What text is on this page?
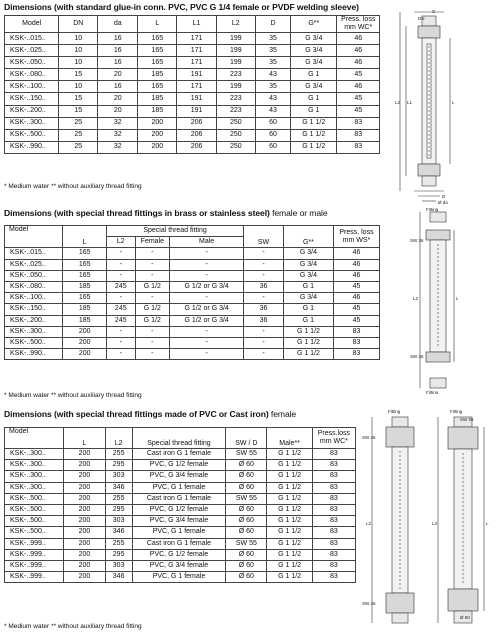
Dimensions (with standard glue-in conn. PVC, PVC G 1/4 female or PVDF welding sleeve)
Model	DN	da	L	L1	L2	D	G**	Press. loss mm WC*
KSK-..015..	10	16	165	171	199	35	G 3/4	46
KSK-..025..	10	16	165	171	199	35	G 3/4	46
KSK-..050..	10	16	165	171	199	35	G 3/4	46
KSK-..080..	15	20	185	191	223	43	G 1	45
KSK-..100..	10	16	165	171	199	35	G 3/4	46
KSK-..150..	15	20	185	191	223	43	G 1	45
KSK-..200..	15	20	185	191	223	43	G 1	45
KSK-..300..	25	32	200	206	250	60	G 1 1/2	83
KSK-..500..	25	32	200	206	250	60	G 1 1/2	83
KSK-..990..	25	32	200	206	250	60	G 1 1/2	83
* Medium water ** without auxiliary thread fitting
Dimensions (with special thread fittings in brass or stainless steel) female or male
Model	L	Special thread fitting			SW	G**	Press. loss mm WS*
		L2	Female	Male			
KSK-..015..	165	-	-	-	-	G 3/4	46
KSK-..025..	165	-	-	-	-	G 3/4	46
KSK-..050..	165	-	-	-	-	G 3/4	46
KSK-..080..	185	245	G 1/2	G 1/2 or G 3/4	36	G 1	45
KSK-..100..	165	-	-	-	-	G 3/4	46
KSK-..150..	185	245	G 1/2	G 1/2 or G 3/4	36	G 1	45
KSK-..200..	185	245	G 1/2	G 1/2 or G 3/4	36	G 1	45
KSK-..300..	200	-	-	-	-	G 1 1/2	83
KSK-..500..	200	-	-	-	-	G 1 1/2	83
KSK-..990..	200	-	-	-	-	G 1 1/2	83
* Medium water ** without auxiliary thread fitting
Dimensions (with special thread fittings made of PVC or Cast iron) female
Model	L	L2	Special thread fitting	SW / D	Male**	Press.loss mm WC*
KSK-..300..	200	255	Cast iron G 1 female	SW 55	G 1 1/2	83
KSK-..300..	200	295	PVC, G 1/2 female	Ø 60	G 1 1/2	83
KSK-..300..	200	303	PVC, G 3/4 female	Ø 60	G 1 1/2	83
KSK-..300..	200	346	PVC, G 1 female	Ø 60	G 1 1/2	83
KSK-..500..	200	255	Cast iron G 1 female	SW 55	G 1 1/2	83
KSK-..500..	200	295	PVC, G 1/2 female	Ø 60	G 1 1/2	83
KSK-..500..	200	303	PVC, G 3/4 female	Ø 60	G 1 1/2	83
KSK-..500..	200	346	PVC, G 1 female	Ø 60	G 1 1/2	83
KSK-..999..	200	255	Cast iron G 1 female	SW 55	G 1 1/2	83
KSK-..999..	200	295	PVC, G 1/2 female	Ø 60	G 1 1/2	83
KSK-..999..	200	303	PVC, G 3/4 female	Ø 60	G 1 1/2	83
KSK-..999..	200	346	PVC, G 1 female	Ø 60	G 1 1/2	83
* Medium water ** without auxiliary thread fitting
G
DN
L2 L1	L
D
Ø da
Fitting
SW 36
SW 36
L2	L
Fitting
Fitting
SW 46
SW 46
L2
Fitting
SW 55
Ø 60
L2	L
